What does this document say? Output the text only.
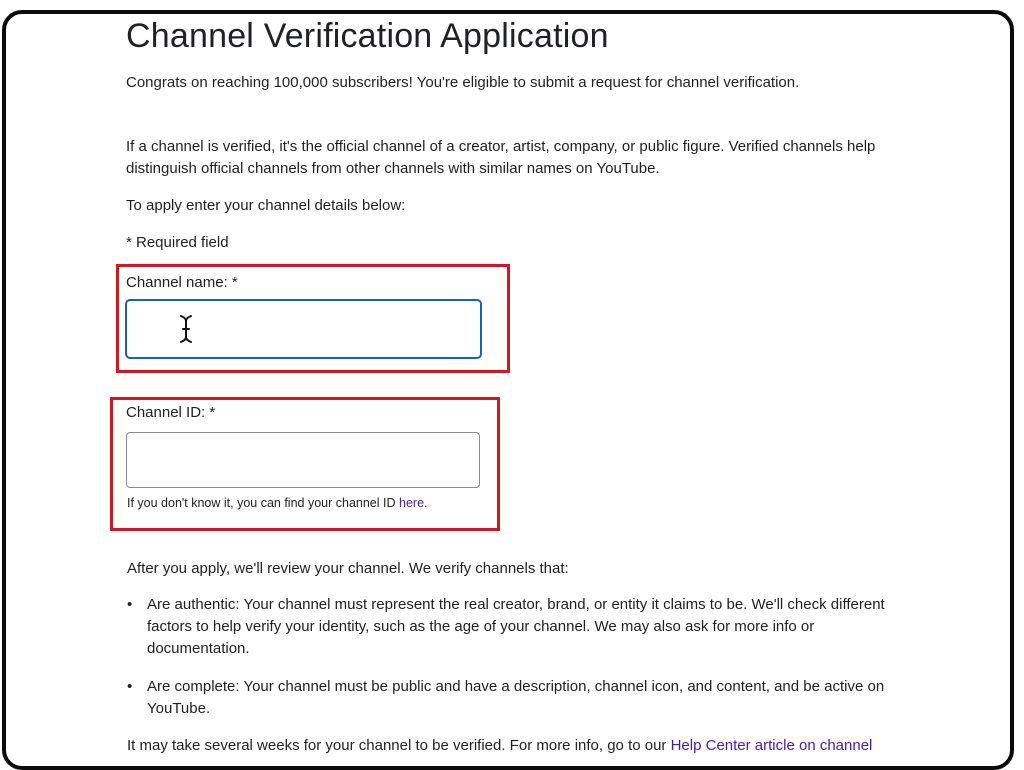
Channel Verification Application

Congrats on reaching 100,000 subscribers! You're eligible to submit a request for channel verification.

If a channel is verified, it's the official channel of a creator, artist, company, or public figure. Verified channels help distinguish official channels from other channels with similar names on YouTube.

To apply enter your channel details below:

* Required field

Channel name: *
Channel ID: *
If you don't know it, you can find your channel ID here.

After you apply, we'll review your channel. We verify channels that:

• Are authentic: Your channel must represent the real creator, brand, or entity it claims to be. We'll check different factors to help verify your identity, such as the age of your channel. We may also ask for more info or documentation.
• Are complete: Your channel must be public and have a description, channel icon, and content, and be active on YouTube.

It may take several weeks for your channel to be verified. For more info, go to our Help Center article on channel
